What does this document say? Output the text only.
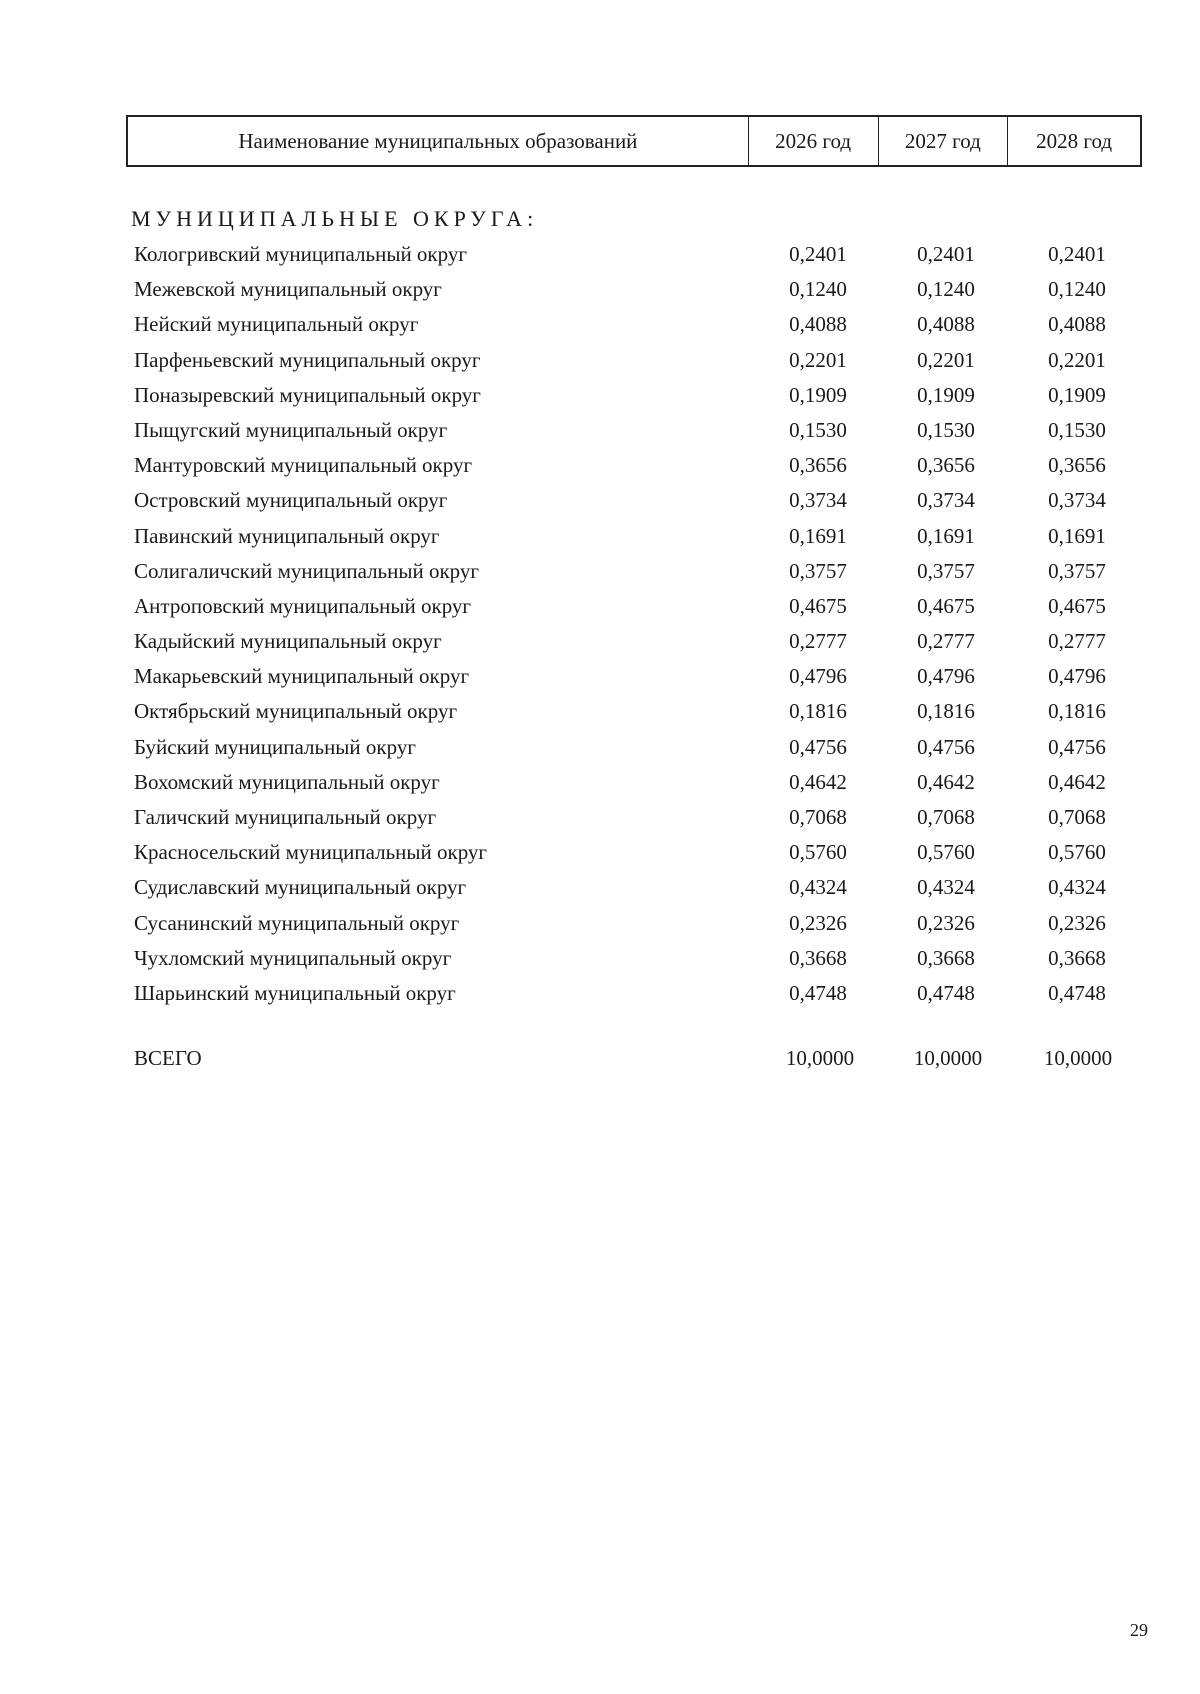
Наименование муниципальных образований	2026 год	2027 год	2028 год
МУНИЦИПАЛЬНЫЕ ОКРУГА:
Кологривский муниципальный округ	0,2401	0,2401	0,2401
Межевской муниципальный округ	0,1240	0,1240	0,1240
Нейский муниципальный округ	0,4088	0,4088	0,4088
Парфеньевский муниципальный округ	0,2201	0,2201	0,2201
Поназыревский муниципальный округ	0,1909	0,1909	0,1909
Пыщугский муниципальный округ	0,1530	0,1530	0,1530
Мантуровский муниципальный округ	0,3656	0,3656	0,3656
Островский муниципальный округ	0,3734	0,3734	0,3734
Павинский муниципальный округ	0,1691	0,1691	0,1691
Солигаличский муниципальный округ	0,3757	0,3757	0,3757
Антроповский муниципальный округ	0,4675	0,4675	0,4675
Кадыйский муниципальный округ	0,2777	0,2777	0,2777
Макарьевский муниципальный округ	0,4796	0,4796	0,4796
Октябрьский муниципальный округ	0,1816	0,1816	0,1816
Буйский муниципальный округ	0,4756	0,4756	0,4756
Вохомский муниципальный округ	0,4642	0,4642	0,4642
Галичский муниципальный округ	0,7068	0,7068	0,7068
Красносельский муниципальный округ	0,5760	0,5760	0,5760
Судиславский муниципальный округ	0,4324	0,4324	0,4324
Сусанинский муниципальный округ	0,2326	0,2326	0,2326
Чухломский муниципальный округ	0,3668	0,3668	0,3668
Шарьинский муниципальный округ	0,4748	0,4748	0,4748
ВСЕГО	10,0000	10,0000	10,0000
29
